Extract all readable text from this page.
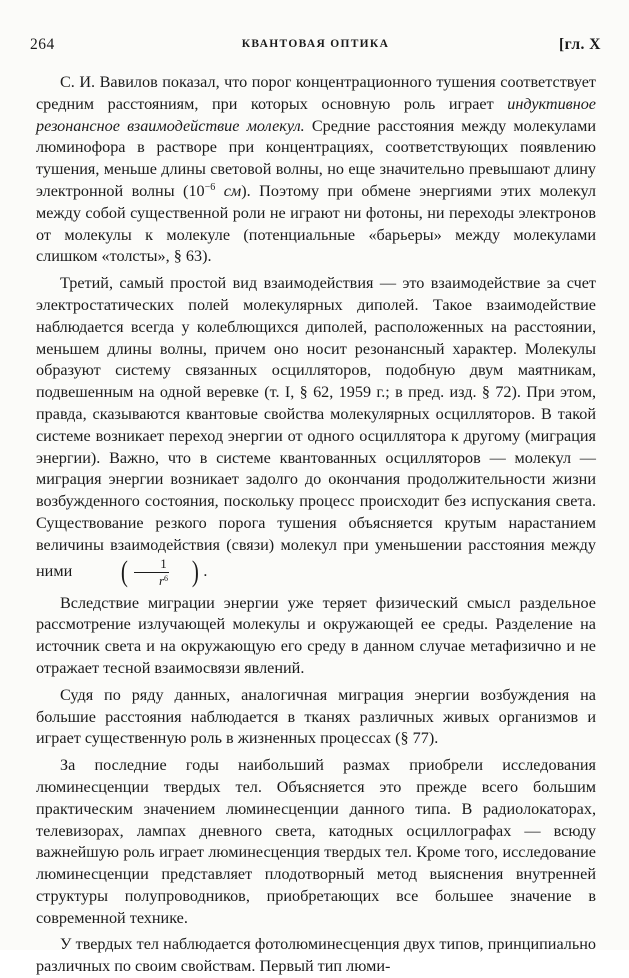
264	КВАНТОВАЯ ОПТИКА	[гл. X

С. И. Вавилов показал, что порог концентрационного тушения соответствует средним расстояниям, при которых основную роль играет индуктивное резонансное взаимодействие молекул. Средние расстояния между молекулами люминофора в растворе при концентрациях, соответствующих появлению тушения, меньше длины световой волны, но еще значительно превышают длину электронной волны ($10^{-6}$ см). Поэтому при обмене энергиями этих молекул между собой существенной роли не играют ни фотоны, ни переходы электронов от молекулы к молекуле (потенциальные «барьеры» между молекулами слишком «толсты», § 63).

Третий, самый простой вид взаимодействия — это взаимодействие за счет электростатических полей молекулярных диполей. Такое взаимодействие наблюдается всегда у колеблющихся диполей, расположенных на расстоянии, меньшем длины волны, причем оно носит резонансный характер. Молекулы образуют систему связанных осцилляторов, подобную двум маятникам, подвешенным на одной веревке (т. I, § 62, 1959 г.; в пред. изд. § 72). При этом, правда, сказываются квантовые свойства молекулярных осцилляторов. В такой системе возникает переход энергии от одного осциллятора к другому (миграция энергии). Важно, что в системе квантованных осцилляторов — молекул — миграция энергии возникает задолго до окончания продолжительности жизни возбужденного состояния, поскольку процесс происходит без испускания света. Существование резкого порога тушения объясняется крутым нарастанием величины взаимодействия (связи) молекул при уменьшении расстояния между ними ( $\frac{1}{r^6}$ ) .

Вследствие миграции энергии уже теряет физический смысл раздельное рассмотрение излучающей молекулы и окружающей ее среды. Разделение на источник света и на окружающую его среду в данном случае метафизично и не отражает тесной взаимосвязи явлений.

Судя по ряду данных, аналогичная миграция энергии возбуждения на большие расстояния наблюдается в тканях различных живых организмов и играет существенную роль в жизненных процессах (§ 77).

За последние годы наибольший размах приобрели исследования люминесценции твердых тел. Объясняется это прежде всего большим практическим значением люминесценции данного типа. В радиолокаторах, телевизорах, лампах дневного света, катодных осциллографах — всюду важнейшую роль играет люминесценция твердых тел. Кроме того, исследование люминесценции представляет плодотворный метод выяснения внутренней структуры полупроводников, приобретающих все большее значение в современной технике.

У твердых тел наблюдается фотолюминесценция двух типов, принципиально различных по своим свойствам. Первый тип люми-
